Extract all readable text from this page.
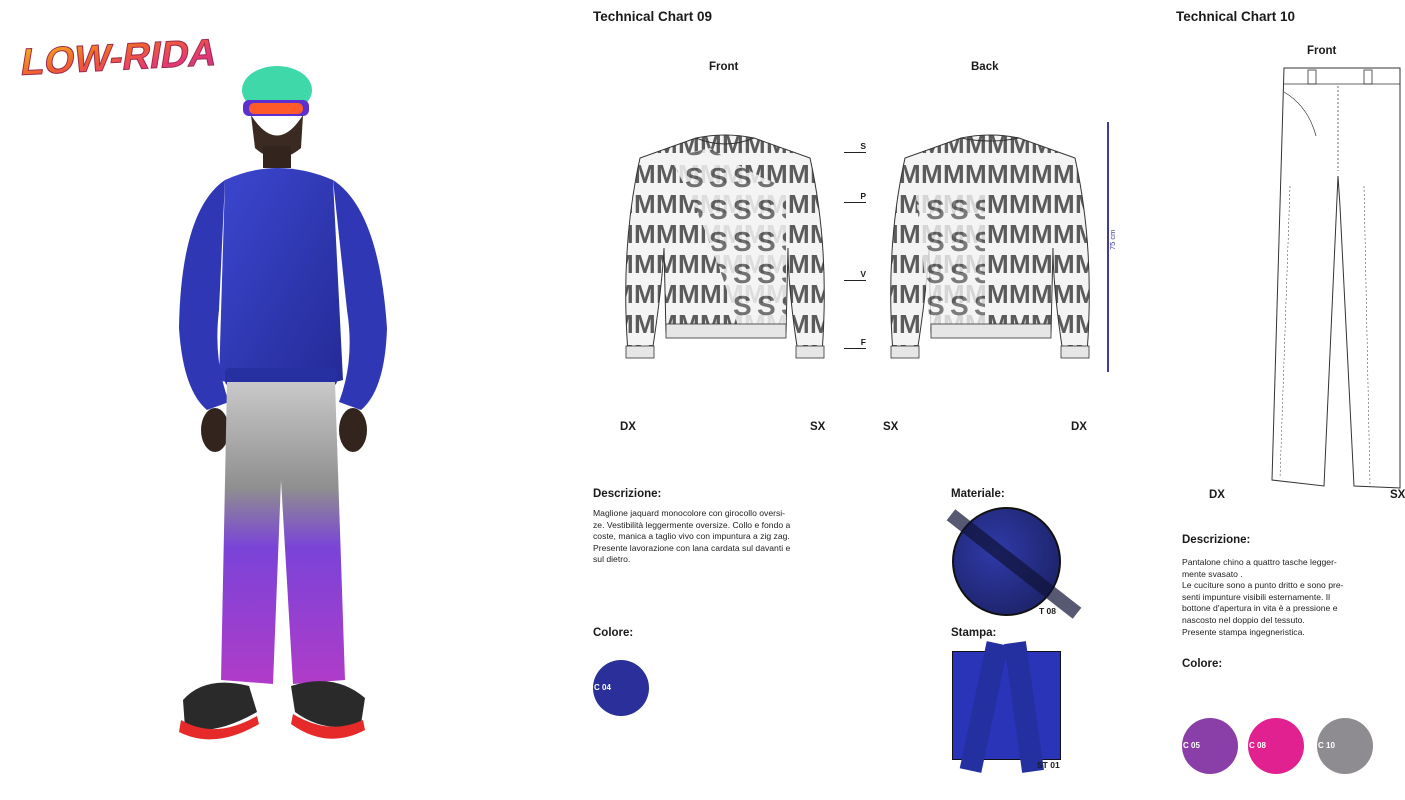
LOW-RIDA
Technical Chart 09
Front	Back
S
P
V
F
75 cm
DX	SX	SX	DX
Descrizione:
Maglione jaquard monocolore con girocollo oversi-
ze. Vestibilità leggermente oversize. Collo e fondo a
coste, manica a taglio vivo con impuntura a zig zag.
Presente lavorazione con lana cardata sul davanti e
sul dietro.
Materiale:
T 08
Colore:
C 04
Stampa:
ST 01
Technical Chart 10
Front
DX	SX
Descrizione:
Pantalone chino a quattro tasche legger-
mente svasato .
Le cuciture sono a punto dritto e sono pre-
senti impunture visibili esternamente. Il
bottone d'apertura in vita è a pressione e
nascosto nel doppio del tessuto.
Presente stampa ingegneristica.
Colore:
C 05	C 08	C 10
